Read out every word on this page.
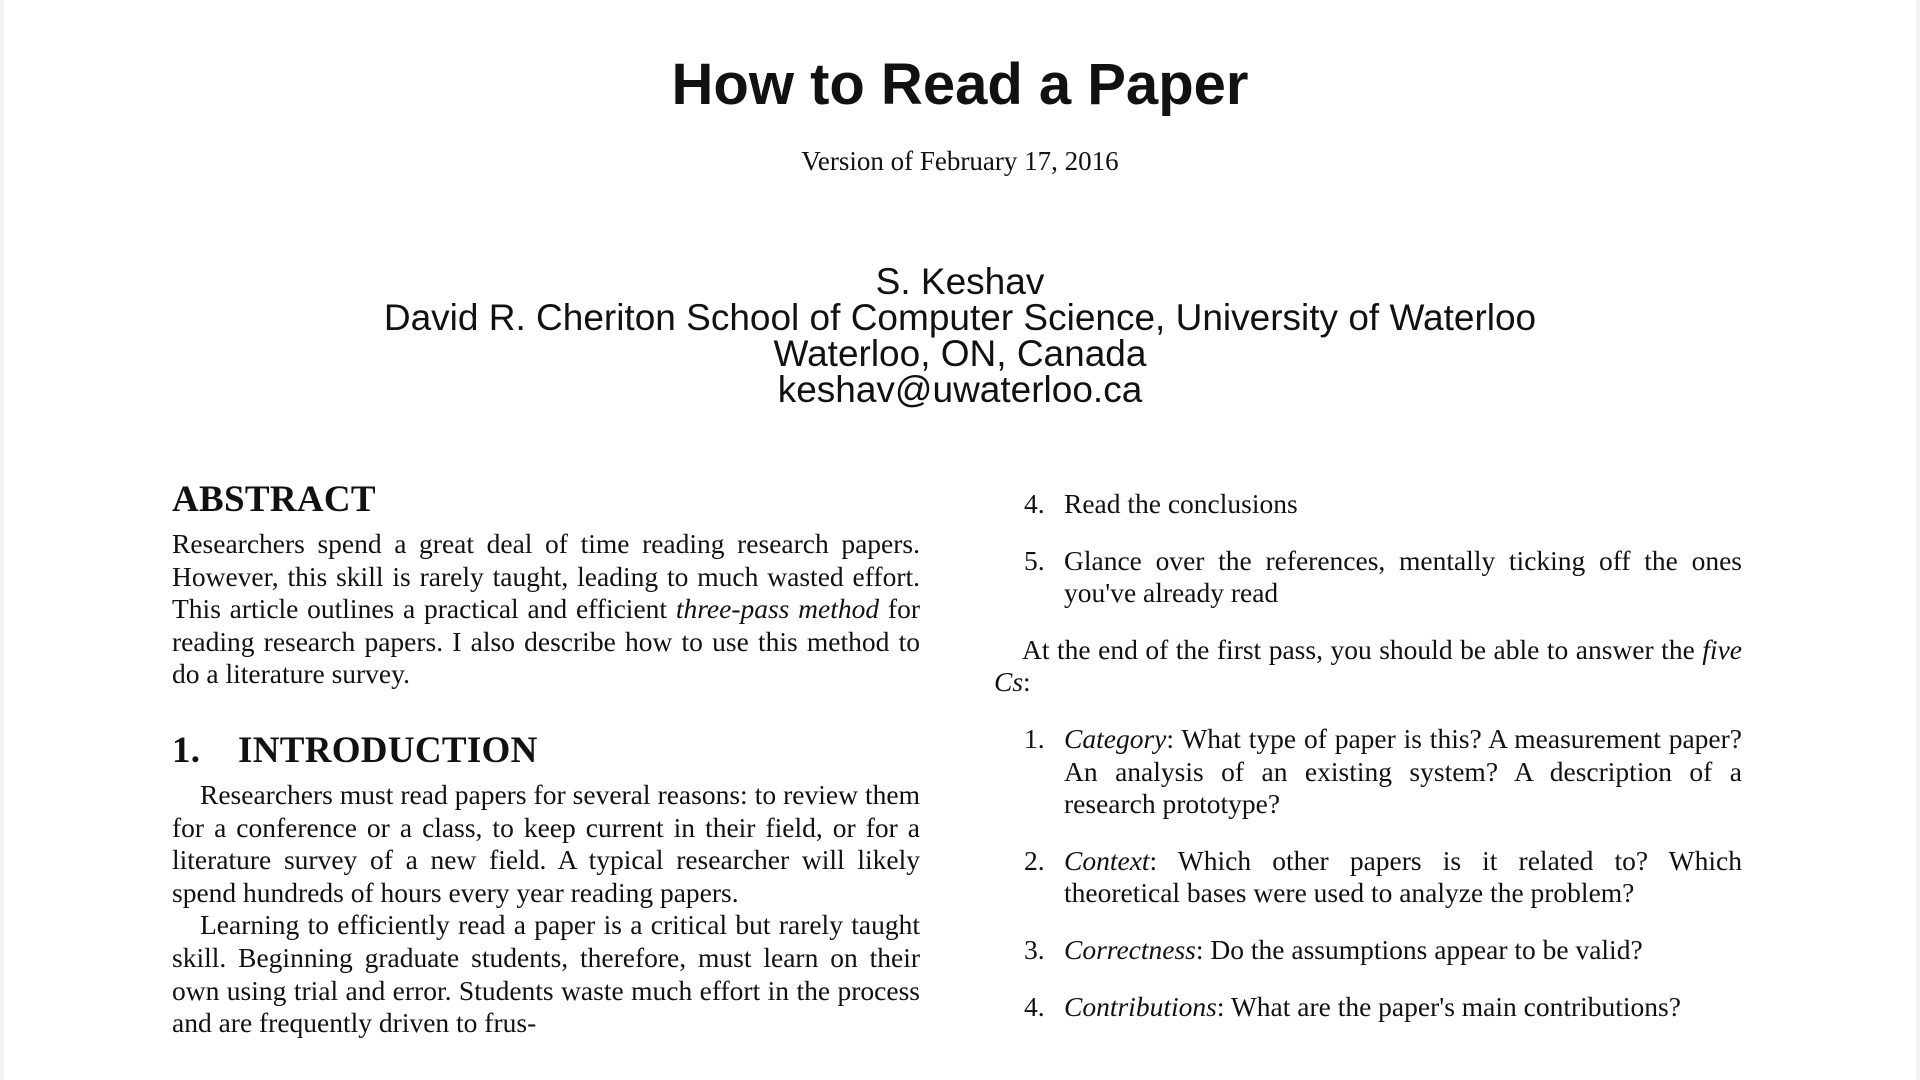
How to Read a Paper
Version of February 17, 2016
S. Keshav
David R. Cheriton School of Computer Science, University of Waterloo
Waterloo, ON, Canada
keshav@uwaterloo.ca
ABSTRACT

Researchers spend a great deal of time reading research papers. However, this skill is rarely taught, leading to much wasted effort. This article outlines a practical and efficient three-pass method for reading research papers. I also describe how to use this method to do a literature survey.

1. INTRODUCTION

Researchers must read papers for several reasons: to review them for a conference or a class, to keep current in their field, or for a literature survey of a new field. A typical researcher will likely spend hundreds of hours every year reading papers.

Learning to efficiently read a paper is a critical but rarely taught skill. Beginning graduate students, therefore, must learn on their own using trial and error. Students waste much effort in the process and are frequently driven to frus-

4. Read the conclusions
5. Glance over the references, mentally ticking off the ones you've already read

At the end of the first pass, you should be able to answer the five Cs:

1. Category: What type of paper is this? A measurement paper? An analysis of an existing system? A description of a research prototype?
2. Context: Which other papers is it related to? Which theoretical bases were used to analyze the problem?
3. Correctness: Do the assumptions appear to be valid?
4. Contributions: What are the paper's main contributions?
